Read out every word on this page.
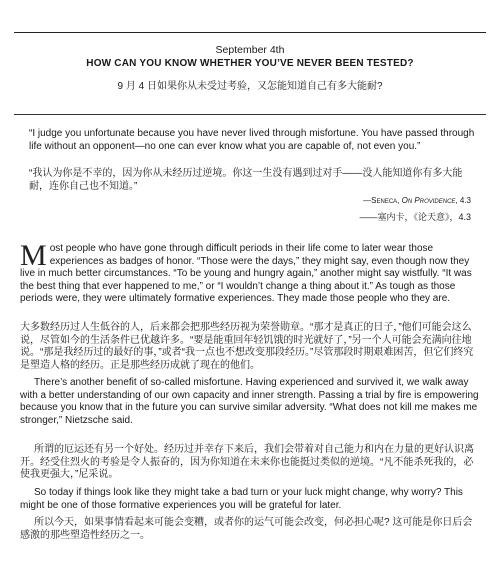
September 4th
HOW CAN YOU KNOW WHETHER YOU’VE NEVER BEEN TESTED?
9 月 4 日如果你从未受过考验，又怎能知道自己有多大能耐?
“I judge you unfortunate because you have never lived through misfortune. You have passed through life without an opponent—no one can ever know what you are capable of, not even you.”
“我认为你是不幸的，因为你从未经历过逆境。你这一生没有遇到过对手——没人能知道你有多大能耐，连你自己也不知道。”
—Seneca, On Providence, 4.3
——塞内卡，《论天意》，4.3
Most people who have gone through difficult periods in their life come to later wear those experiences as badges of honor. “Those were the days,” they might say, even though now they live in much better circumstances. “To be young and hungry again,” another might say wistfully. “It was the best thing that ever happened to me,” or “I wouldn’t change a thing about it.” As tough as those periods were, they were ultimately formative experiences. They made those people who they are.
大多数经历过人生低谷的人，后来都会把那些经历视为荣誉勋章。“那才是真正的日子，”他们可能会这么说，尽管如今的生活条件已优越许多。“要是能重回年轻饥饿的时光就好了，”另一个人可能会充满向往地说。“那是我经历过的最好的事，”或者“我一点也不想改变那段经历。”尽管那段时期艰难困苦，但它们终究是塑造人格的经历。正是那些经历成就了现在的他们。
There’s another benefit of so-called misfortune. Having experienced and survived it, we walk away with a better understanding of our own capacity and inner strength. Passing a trial by fire is empowering because you know that in the future you can survive similar adversity. “What does not kill me makes me stronger,” Nietzsche said.
所谓的厄运还有另一个好处。经历过并幸存下来后，我们会带着对自己能力和内在力量的更好认识离开。经受住烈火的考验是令人振奋的，因为你知道在未来你也能挺过类似的逆境。“凡不能杀死我的，必使我更强大，”尼采说。
So today if things look like they might take a bad turn or your luck might change, why worry? This might be one of those formative experiences you will be grateful for later.
所以今天，如果事情看起来可能会变糟，或者你的运气可能会改变，何必担心呢? 这可能是你日后会感激的那些塑造性经历之一。
